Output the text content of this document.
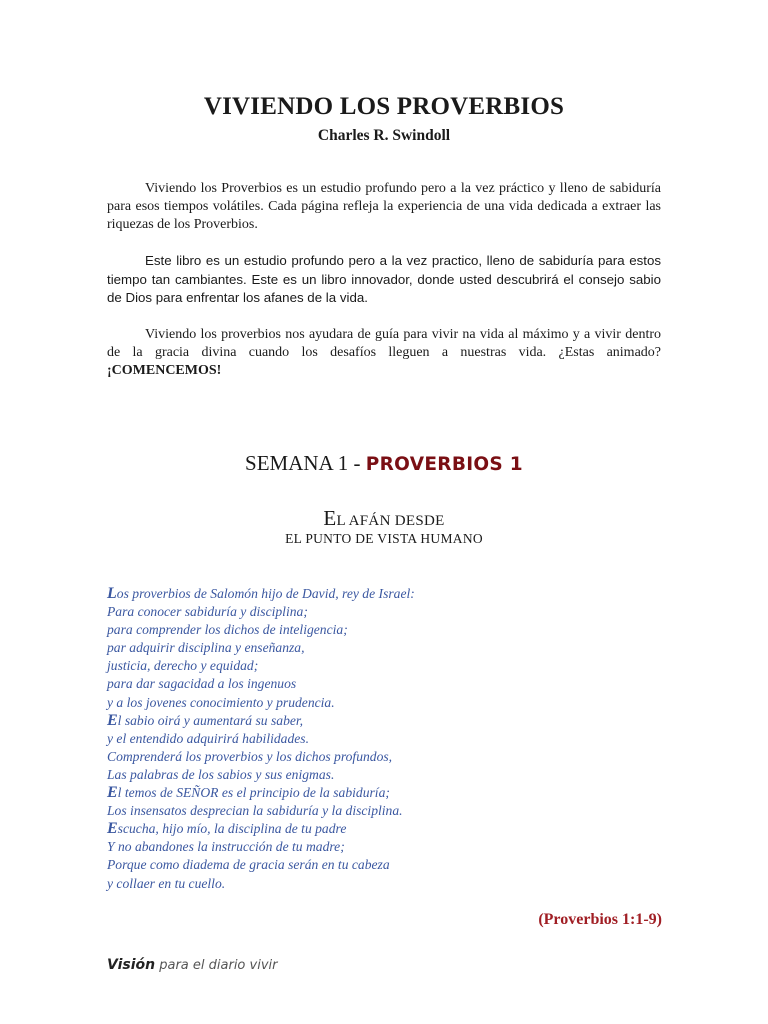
VIVIENDO LOS PROVERBIOS
Charles R. Swindoll

Viviendo los Proverbios es un estudio profundo pero a la vez práctico y lleno de sabiduría para esos tiempos volátiles. Cada página refleja la experiencia de una vida dedicada a extraer las riquezas de los Proverbios.

Este libro es un estudio profundo pero a la vez practico, lleno de sabiduría para estos tiempo tan cambiantes. Este es un libro innovador, donde usted descubrirá el consejo sabio de Dios para enfrentar los afanes de la vida.

Viviendo los proverbios nos ayudara de guía para vivir na vida al máximo y a vivir dentro de la gracia divina cuando los desafíos lleguen a nuestras vida. ¿Estas animado? ¡COMENCEMOS!

SEMANA 1 - PROVERBIOS 1
EL AFÁN DESDE
EL PUNTO DE VISTA HUMANO
Los proverbios de Salomón hijo de David, rey de Israel:
Para conocer sabiduría y disciplina;
para comprender los dichos de inteligencia;
par adquirir disciplina y enseñanza,
justicia, derecho y equidad;
para dar sagacidad a los ingenuos
y a los jovenes conocimiento y prudencia.
El sabio oirá y aumentará su saber,
y el entendido adquirirá habilidades.
Comprenderá los proverbios y los dichos profundos,
Las palabras de los sabios y sus enigmas.
El temos de SEÑOR es el principio de la sabiduría;
Los insensatos desprecian la sabiduría y la disciplina.
Escucha, hijo mío, la disciplina de tu padre
Y no abandones la instrucción de tu madre;
Porque como diadema de gracia serán en tu cabeza
y collaer en tu cuello.
(Proverbios 1:1-9)
Visión para el diario vivir
